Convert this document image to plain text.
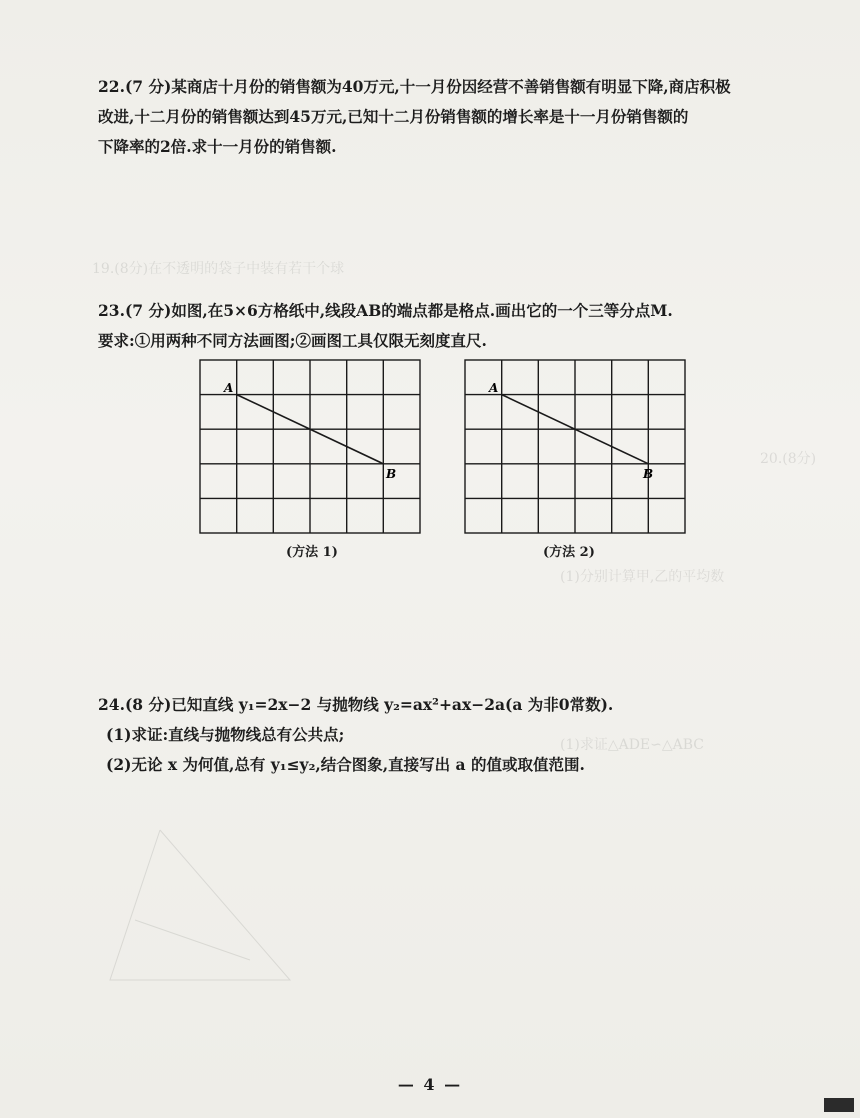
19.(8分)在不透明的袋子中装有若干个球
20.(8分)
(1)分别计算甲,乙的平均数
(1)求证△ADE∽△ABC
22.(7 分)某商店十月份的销售额为40万元,十一月份因经营不善销售额有明显下降,商店积极
改进,十二月份的销售额达到45万元,已知十二月份销售额的增长率是十一月份销售额的
下降率的2倍.求十一月份的销售额.
23.(7 分)如图,在5×6方格纸中,线段AB的端点都是格点.画出它的一个三等分点M.
要求:①用两种不同方法画图;②画图工具仅限无刻度直尺.
A
B
A
B
(方法 1)	(方法 2)
24.(8 分)已知直线 y₁=2x−2 与抛物线 y₂=ax²+ax−2a(a 为非0常数).
(1)求证:直线与抛物线总有公共点;
(2)无论 x 为何值,总有 y₁≤y₂,结合图象,直接写出 a 的值或取值范围.
— 4 —
